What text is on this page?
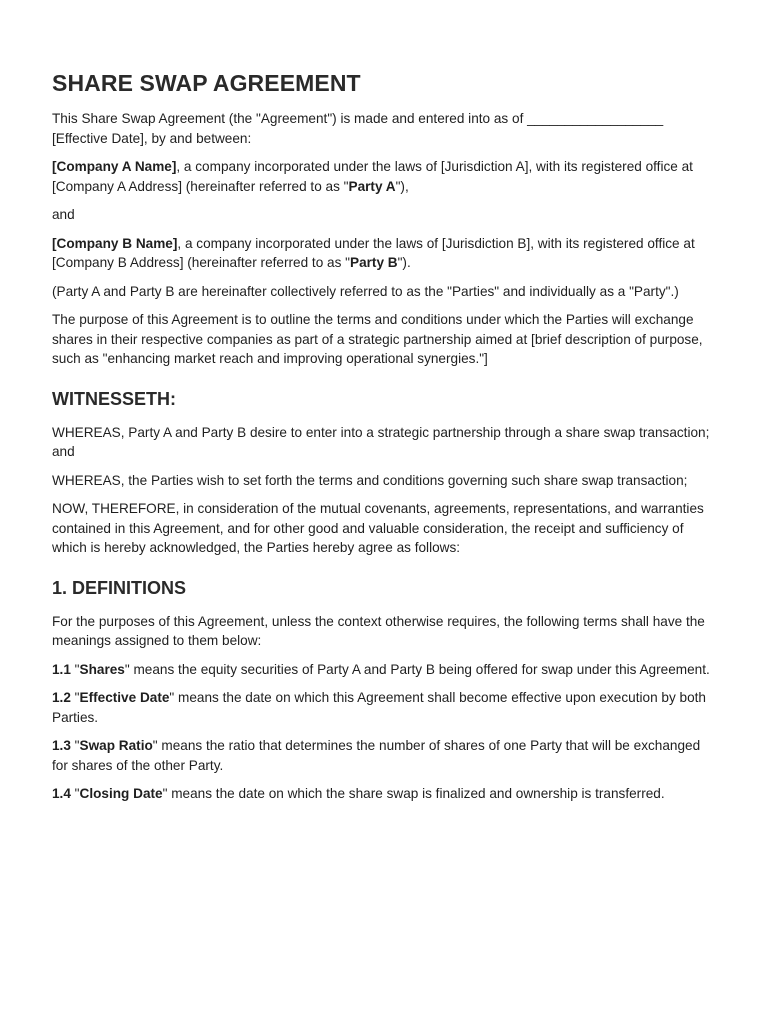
SHARE SWAP AGREEMENT

This Share Swap Agreement (the "Agreement") is made and entered into as of __________________ [Effective Date], by and between:

[Company A Name], a company incorporated under the laws of [Jurisdiction A], with its registered office at [Company A Address] (hereinafter referred to as "Party A"),

and

[Company B Name], a company incorporated under the laws of [Jurisdiction B], with its registered office at [Company B Address] (hereinafter referred to as "Party B").

(Party A and Party B are hereinafter collectively referred to as the "Parties" and individually as a "Party".)

The purpose of this Agreement is to outline the terms and conditions under which the Parties will exchange shares in their respective companies as part of a strategic partnership aimed at [brief description of purpose, such as "enhancing market reach and improving operational synergies."]

WITNESSETH:

WHEREAS, Party A and Party B desire to enter into a strategic partnership through a share swap transaction; and

WHEREAS, the Parties wish to set forth the terms and conditions governing such share swap transaction;

NOW, THEREFORE, in consideration of the mutual covenants, agreements, representations, and warranties contained in this Agreement, and for other good and valuable consideration, the receipt and sufficiency of which is hereby acknowledged, the Parties hereby agree as follows:

1. DEFINITIONS

For the purposes of this Agreement, unless the context otherwise requires, the following terms shall have the meanings assigned to them below:

1.1 "Shares" means the equity securities of Party A and Party B being offered for swap under this Agreement.

1.2 "Effective Date" means the date on which this Agreement shall become effective upon execution by both Parties.

1.3 "Swap Ratio" means the ratio that determines the number of shares of one Party that will be exchanged for shares of the other Party.

1.4 "Closing Date" means the date on which the share swap is finalized and ownership is transferred.
